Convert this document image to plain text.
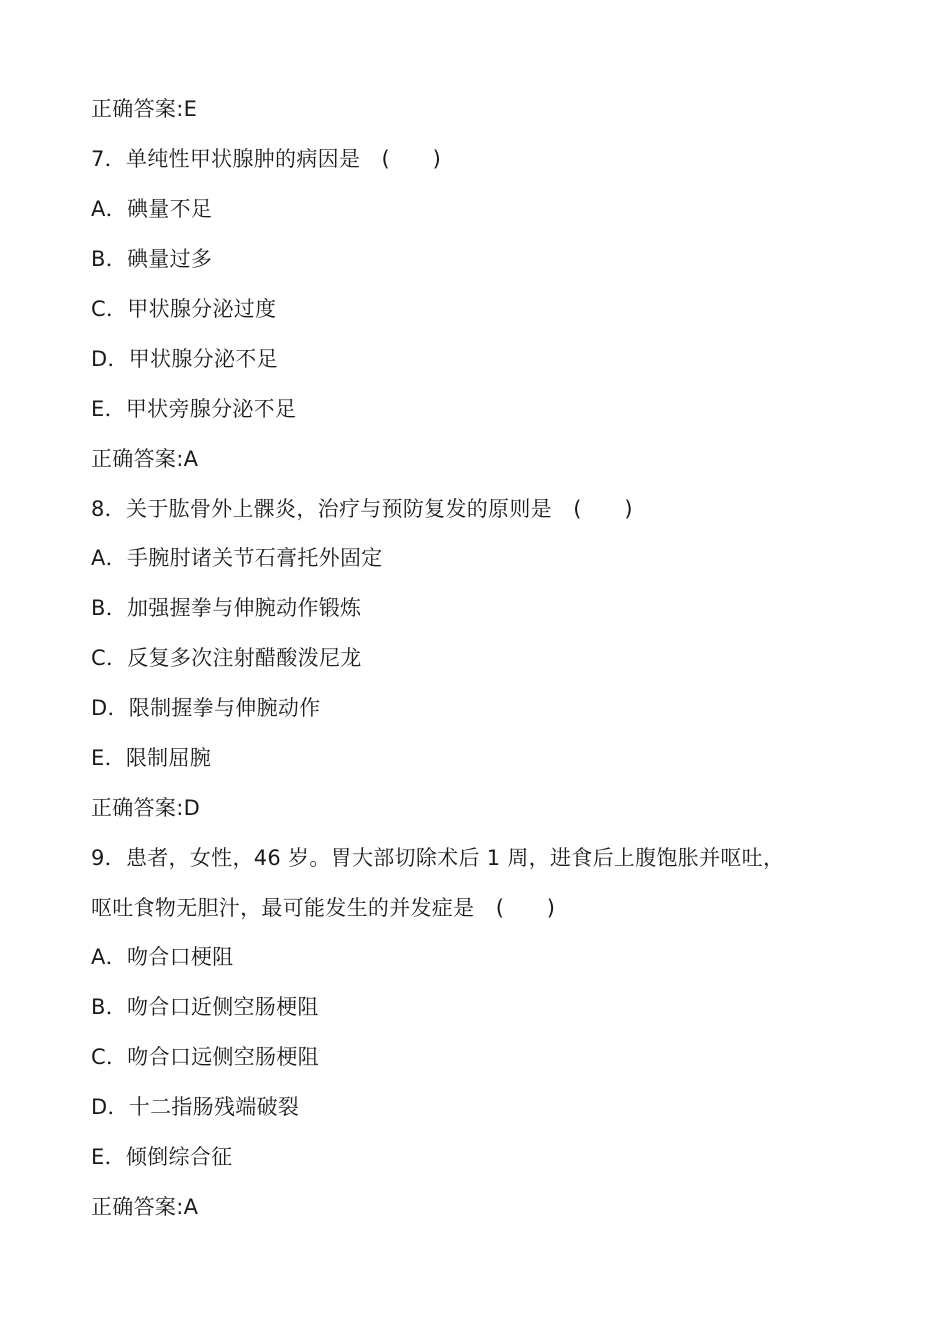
正确答案:E
7．单纯性甲状腺肿的病因是　(　　)
A．碘量不足
B．碘量过多
C．甲状腺分泌过度
D．甲状腺分泌不足
E．甲状旁腺分泌不足
正确答案:A
8．关于肱骨外上髁炎，治疗与预防复发的原则是　(　　)
A．手腕肘诸关节石膏托外固定
B．加强握拳与伸腕动作锻炼
C．反复多次注射醋酸泼尼龙
D．限制握拳与伸腕动作
E．限制屈腕
正确答案:D
9．患者，女性，46 岁。胃大部切除术后 1 周，进食后上腹饱胀并呕吐，
呕吐食物无胆汁，最可能发生的并发症是　(　　)
A．吻合口梗阻
B．吻合口近侧空肠梗阻
C．吻合口远侧空肠梗阻
D．十二指肠残端破裂
E．倾倒综合征
正确答案:A
